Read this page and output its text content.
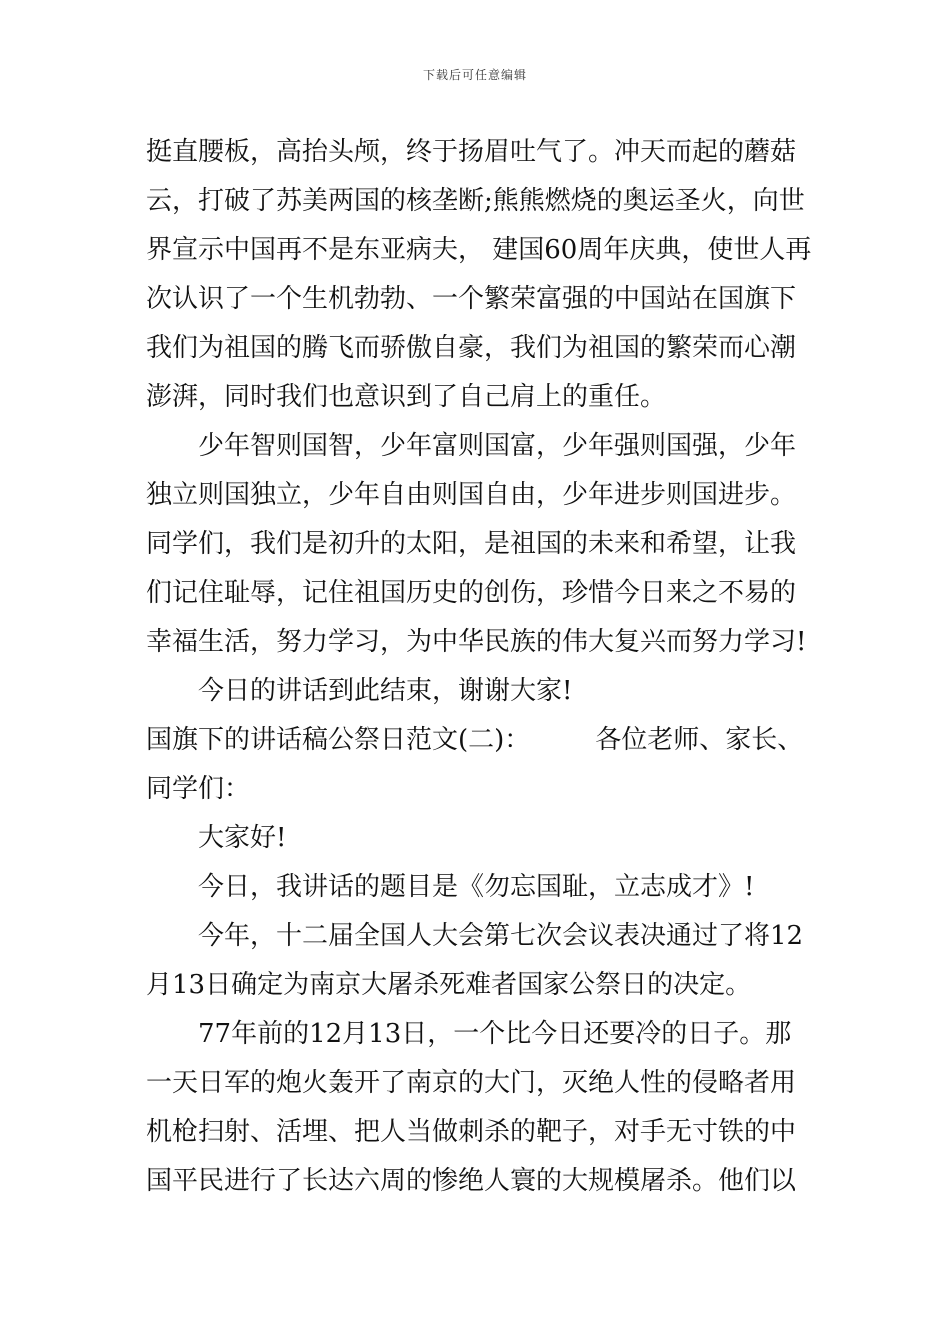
下载后可任意编辑
挺直腰板，高抬头颅，终于扬眉吐气了。冲天而起的蘑菇
云，打破了苏美两国的核垄断;熊熊燃烧的奥运圣火，向世
界宣示中国再不是东亚病夫， 建国60周年庆典，使世人再
次认识了一个生机勃勃、一个繁荣富强的中国站在国旗下
我们为祖国的腾飞而骄傲自豪，我们为祖国的繁荣而心潮
澎湃，同时我们也意识到了自己肩上的重任。
少年智则国智，少年富则国富，少年强则国强，少年
独立则国独立，少年自由则国自由，少年进步则国进步。
同学们，我们是初升的太阳，是祖国的未来和希望，让我
们记住耻辱，记住祖国历史的创伤，珍惜今日来之不易的
幸福生活，努力学习，为中华民族的伟大复兴而努力学习!
今日的讲话到此结束，谢谢大家!
国旗下的讲话稿公祭日范文(二)：　　　各位老师、家长、
同学们：
大家好!
今日，我讲话的题目是《勿忘国耻，立志成才》!
今年，十二届全国人大会第七次会议表决通过了将12
月13日确定为南京大屠杀死难者国家公祭日的决定。
77年前的12月13日，一个比今日还要冷的日子。那
一天日军的炮火轰开了南京的大门，灭绝人性的侵略者用
机枪扫射、活埋、把人当做刺杀的靶子，对手无寸铁的中
国平民进行了长达六周的惨绝人寰的大规模屠杀。他们以
